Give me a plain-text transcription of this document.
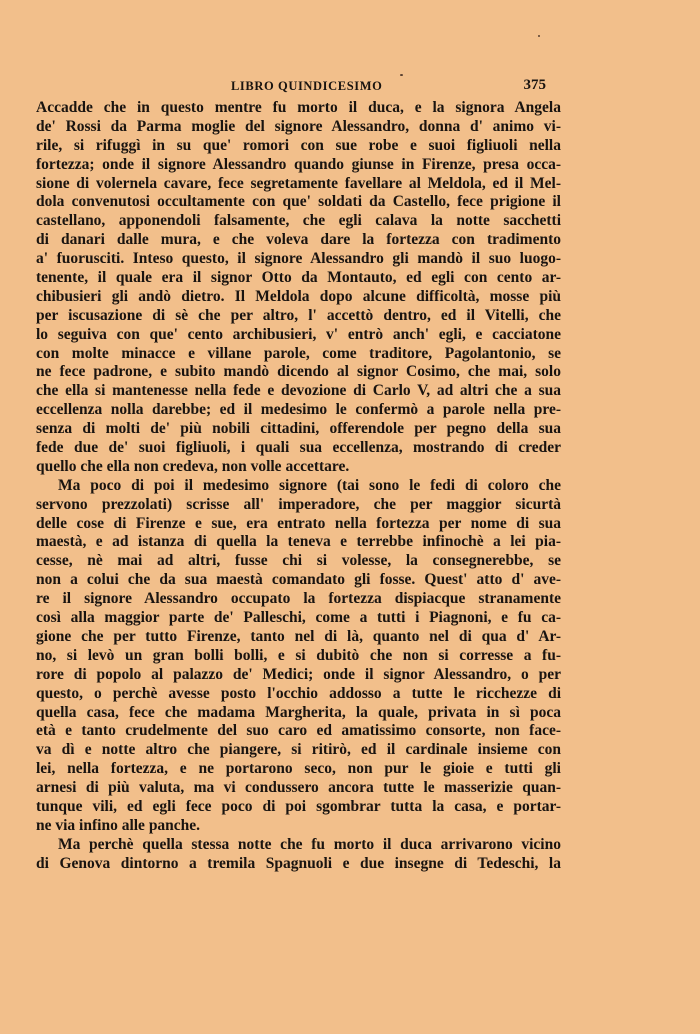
LIBRO QUINDICESIMO	375
Accadde che in questo mentre fu morto il duca, e la signora Angela
de' Rossi da Parma moglie del signore Alessandro, donna d' animo vi-
rile, si rifuggì in su que' romori con sue robe e suoi figliuoli nella
fortezza; onde il signore Alessandro quando giunse in Firenze, presa occa-
sione di volernela cavare, fece segretamente favellare al Meldola, ed il Mel-
dola convenutosi occultamente con que' soldati da Castello, fece prigione il
castellano, apponendoli falsamente, che egli calava la notte sacchetti
di danari dalle mura, e che voleva dare la fortezza con tradimento
a' fuorusciti. Inteso questo, il signore Alessandro gli mandò il suo luogo-
tenente, il quale era il signor Otto da Montauto, ed egli con cento ar-
chibusieri gli andò dietro. Il Meldola dopo alcune difficoltà, mosse più
per iscusazione di sè che per altro, l' accettò dentro, ed il Vitelli, che
lo seguiva con que' cento archibusieri, v' entrò anch' egli, e cacciatone
con molte minacce e villane parole, come traditore, Pagolantonio, se
ne fece padrone, e subito mandò dicendo al signor Cosimo, che mai, solo
che ella si mantenesse nella fede e devozione di Carlo V, ad altri che a sua
eccellenza nolla darebbe; ed il medesimo le confermò a parole nella pre-
senza di molti de' più nobili cittadini, offerendole per pegno della sua
fede due de' suoi figliuoli, i quali sua eccellenza, mostrando di creder
quello che ella non credeva, non volle accettare.
Ma poco di poi il medesimo signore (tai sono le fedi di coloro che
servono prezzolati) scrisse all' imperadore, che per maggior sicurtà
delle cose di Firenze e sue, era entrato nella fortezza per nome di sua
maestà, e ad istanza di quella la teneva e terrebbe infinochè a lei pia-
cesse, nè mai ad altri, fusse chi si volesse, la consegnerebbe, se
non a colui che da sua maestà comandato gli fosse. Quest' atto d' ave-
re il signore Alessandro occupato la fortezza dispiacque stranamente
così alla maggior parte de' Palleschi, come a tutti i Piagnoni, e fu ca-
gione che per tutto Firenze, tanto nel di là, quanto nel di qua d' Ar-
no, si levò un gran bolli bolli, e si dubitò che non si corresse a fu-
rore di popolo al palazzo de' Medici; onde il signor Alessandro, o per
questo, o perchè avesse posto l'occhio addosso a tutte le ricchezze di
quella casa, fece che madama Margherita, la quale, privata in sì poca
età e tanto crudelmente del suo caro ed amatissimo consorte, non face-
va dì e notte altro che piangere, si ritirò, ed il cardinale insieme con
lei, nella fortezza, e ne portarono seco, non pur le gioie e tutti gli
arnesi di più valuta, ma vi condussero ancora tutte le masserizie quan-
tunque vili, ed egli fece poco di poi sgombrar tutta la casa, e portar-
ne via infino alle panche.
Ma perchè quella stessa notte che fu morto il duca arrivarono vicino
di Genova dintorno a tremila Spagnuoli e due insegne di Tedeschi, la
